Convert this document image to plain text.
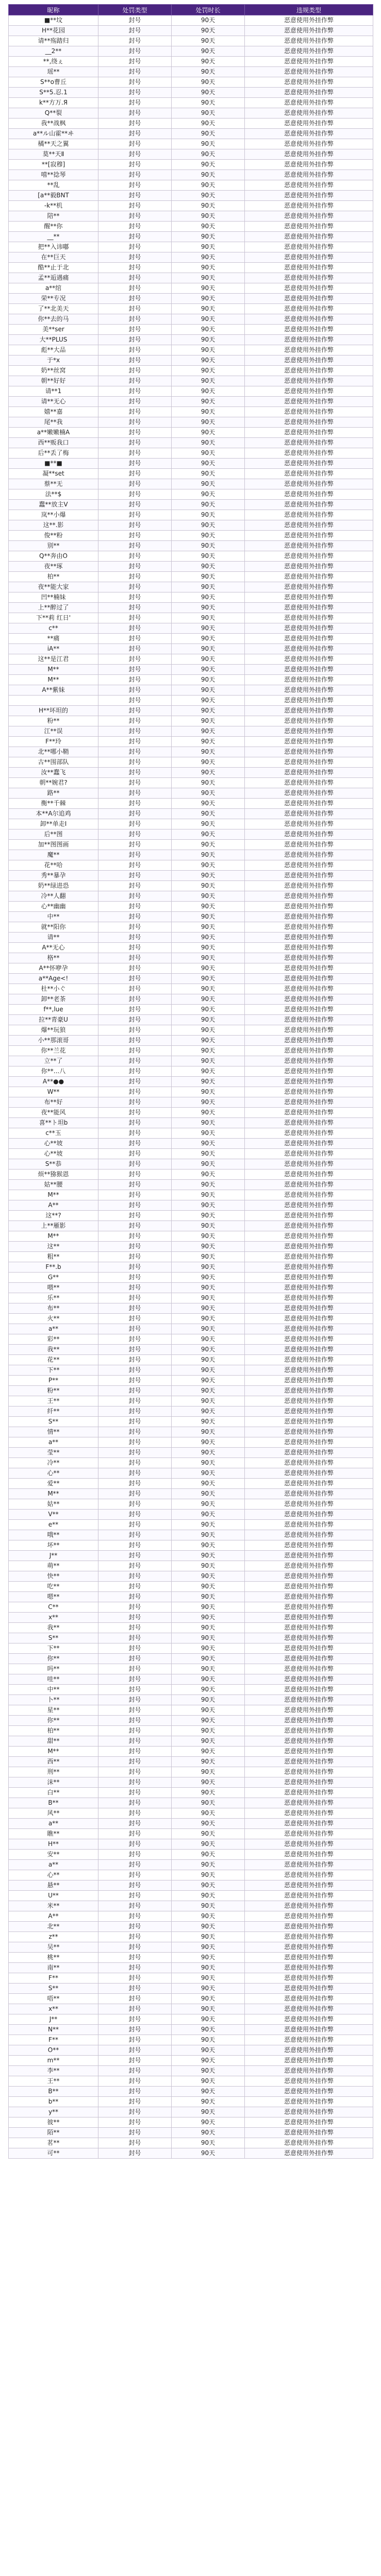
昵称	处罚类型	处罚时长	违规类型
■**坟	封号	90天	恶意使用外挂作弊
H**花园	封号	90天	恶意使用外挂作弊
请**殇踏归	封号	90天	恶意使用外挂作弊
__2**	封号	90天	恶意使用外挂作弊
**,绕ぇ	封号	90天	恶意使用外挂作弊
瑶**	封号	90天	恶意使用外挂作弊
S**o曹丘	封号	90天	恶意使用外挂作弊
S**5.忍.1	封号	90天	恶意使用外挂作弊
k**方万.Я	封号	90天	恶意使用外挂作弊
Q**裂	封号	90天	恶意使用外挂作弊
我**战枫	封号	90天	恶意使用外挂作弊
a**ル山霍**ヰ	封号	90天	恶意使用外挂作弊
橘**天之翼	封号	90天	恶意使用外挂作弊
莫**天Ⅱ	封号	90天	恶意使用外挂作弊
**[寂穆]	封号	90天	恶意使用外挂作弊
嘻**捻琴	封号	90天	恶意使用外挂作弊
**乱	封号	90天	恶意使用外挂作弊
[a**毅BNT	封号	90天	恶意使用外挂作弊
-k**机	封号	90天	恶意使用外挂作弊
陪**	封号	90天	恶意使用外挂作弊
醒**你	封号	90天	恶意使用外挂作弊
__**	封号	90天	恶意使用外挂作弊
把**入讳嘟	封号	90天	恶意使用外挂作弊
在**巨天	封号	90天	恶意使用外挂作弊
酷**止于北	封号	90天	恶意使用外挂作弊
孟**逅遇痛	封号	90天	恶意使用外挂作弊
a**绾	封号	90天	恶意使用外挂作弊
荣**专况	封号	90天	恶意使用外挂作弊
了**北美天	封号	90天	恶意使用外挂作弊
你**去的马	封号	90天	恶意使用外挂作弊
美**ser	封号	90天	恶意使用外挂作弊
大**PLUS	封号	90天	恶意使用外挂作弊
彪**大品	封号	90天	恶意使用外挂作弊
于*x	封号	90天	恶意使用外挂作弊
奶**丝窝	封号	90天	恶意使用外挂作弊
朝**好好	封号	90天	恶意使用外挂作弊
请**1	封号	90天	恶意使用外挂作弊
请**无心	封号	90天	恶意使用外挂作弊
嬉**嘉	封号	90天	恶意使用外挂作弊
尾**我	封号	90天	恶意使用外挂作弊
a**嫩嫩楠A	封号	90天	恶意使用外挂作弊
西**贩我口	封号	90天	恶意使用外挂作弊
后**丢了梅	封号	90天	恶意使用外挂作弊
■**■	封号	90天	恶意使用外挂作弊
凝**set	封号	90天	恶意使用外挂作弊
蔡**无	封号	90天	恶意使用外挂作弊
法**$	封号	90天	恶意使用外挂作弊
蠢**放主V	封号	90天	恶意使用外挂作弊
岚**小爆	封号	90天	恶意使用外挂作弊
这**.影	封号	90天	恶意使用外挂作弊
俊**粉	封号	90天	恶意使用外挂作弊
别**	封号	90天	恶意使用外挂作弊
Q**奔由O	封号	90天	恶意使用外挂作弊
夜**琢	封号	90天	恶意使用外挂作弊
柏**	封号	90天	恶意使用外挂作弊
夜**能大家	封号	90天	恶意使用外挂作弊
凹**楠妹	封号	90天	恶意使用外挂作弊
上**醉过了	封号	90天	恶意使用外挂作弊
下**莉 红日'	封号	90天	恶意使用外挂作弊
c**	封号	90天	恶意使用外挂作弊
**痛	封号	90天	恶意使用外挂作弊
iA**	封号	90天	恶意使用外挂作弊
这**是江君	封号	90天	恶意使用外挂作弊
M**	封号	90天	恶意使用外挂作弊
M**	封号	90天	恶意使用外挂作弊
A**紫妹	封号	90天	恶意使用外挂作弊
	封号	90天	恶意使用外挂作弊
H**坏坦的	封号	90天	恶意使用外挂作弊
粉**	封号	90天	恶意使用外挂作弊
江**误	封号	90天	恶意使用外挂作弊
F**玲	封号	90天	恶意使用外挂作弊
北**哪小鞘	封号	90天	恶意使用外挂作弊
古**围部队	封号	90天	恶意使用外挂作弊
汝**蠢飞	封号	90天	恶意使用外挂作弊
朝**婉君?	封号	90天	恶意使用外挂作弊
路**	封号	90天	恶意使用外挂作弊
衡**千棘	封号	90天	恶意使用外挂作弊
本**A尔追鸡	封号	90天	恶意使用外挂作弊
卸**单走I	封号	90天	恶意使用外挂作弊
后**图	封号	90天	恶意使用外挂作弊
加**图图画	封号	90天	恶意使用外挂作弊
魔**	封号	90天	恶意使用外挂作弊
花**哈	封号	90天	恶意使用外挂作弊
秀**暴孕	封号	90天	恶意使用外挂作弊
奶**绿进恐	封号	90天	恶意使用外挂作弊
冷**人翻	封号	90天	恶意使用外挂作弊
心**幽幽	封号	90天	恶意使用外挂作弊
中**	封号	90天	恶意使用外挂作弊
就**阳你	封号	90天	恶意使用外挂作弊
请**	封号	90天	恶意使用外挂作弊
A**无心	封号	90天	恶意使用外挂作弊
格**	封号	90天	恶意使用外挂作弊
A**怀咿孕	封号	90天	恶意使用外挂作弊
a**Age<!	封号	90天	恶意使用外挂作弊
杜**小ぐ	封号	90天	恶意使用外挂作弊
卸**老茶	封号	90天	恶意使用外挂作弊
f**,lue	封号	90天	恶意使用外挂作弊
拉**青豪U	封号	90天	恶意使用外挂作弊
爆**玩狼	封号	90天	恶意使用外挂作弊
小**那滚哥	封号	90天	恶意使用外挂作弊
你**兰花	封号	90天	恶意使用外挂作弊
立**了	封号	90天	恶意使用外挂作弊
你**...八	封号	90天	恶意使用外挂作弊
A**●●	封号	90天	恶意使用外挂作弊
W**	封号	90天	恶意使用外挂作弊
布**好	封号	90天	恶意使用外挂作弊
夜**能风	封号	90天	恶意使用外挂作弊
喜**ト坦b	封号	90天	恶意使用外挂作弊
c**玉	封号	90天	恶意使用外挂作弊
心**坡	封号	90天	恶意使用外挂作弊
心**坡	封号	90天	恶意使用外挂作弊
S**恭	封号	90天	恶意使用外挂作弊
烦**猕猴恩	封号	90天	恶意使用外挂作弊
姑**腰	封号	90天	恶意使用外挂作弊
M**	封号	90天	恶意使用外挂作弊
A**	封号	90天	恶意使用外挂作弊
这**?	封号	90天	恶意使用外挂作弊
上**雁影	封号	90天	恶意使用外挂作弊
M**	封号	90天	恶意使用外挂作弊
这**	封号	90天	恶意使用外挂作弊
粗**	封号	90天	恶意使用外挂作弊
F**.b	封号	90天	恶意使用外挂作弊
G**	封号	90天	恶意使用外挂作弊
喂**	封号	90天	恶意使用外挂作弊
乐**	封号	90天	恶意使用外挂作弊
布**	封号	90天	恶意使用外挂作弊
火**	封号	90天	恶意使用外挂作弊
a**	封号	90天	恶意使用外挂作弊
彩**	封号	90天	恶意使用外挂作弊
我**	封号	90天	恶意使用外挂作弊
花**	封号	90天	恶意使用外挂作弊
下**	封号	90天	恶意使用外挂作弊
P**	封号	90天	恶意使用外挂作弊
粉**	封号	90天	恶意使用外挂作弊
王**	封号	90天	恶意使用外挂作弊
纤**	封号	90天	恶意使用外挂作弊
S**	封号	90天	恶意使用外挂作弊
情**	封号	90天	恶意使用外挂作弊
a**	封号	90天	恶意使用外挂作弊
莹**	封号	90天	恶意使用外挂作弊
冷**	封号	90天	恶意使用外挂作弊
心**	封号	90天	恶意使用外挂作弊
爱**	封号	90天	恶意使用外挂作弊
M**	封号	90天	恶意使用外挂作弊
姑**	封号	90天	恶意使用外挂作弊
V**	封号	90天	恶意使用外挂作弊
e**	封号	90天	恶意使用外挂作弊
哦**	封号	90天	恶意使用外挂作弊
坏**	封号	90天	恶意使用外挂作弊
J**	封号	90天	恶意使用外挂作弊
萌**	封号	90天	恶意使用外挂作弊
快**	封号	90天	恶意使用外挂作弊
吃**	封号	90天	恶意使用外挂作弊
嗯**	封号	90天	恶意使用外挂作弊
C**	封号	90天	恶意使用外挂作弊
x**	封号	90天	恶意使用外挂作弊
我**	封号	90天	恶意使用外挂作弊
S**	封号	90天	恶意使用外挂作弊
下**	封号	90天	恶意使用外挂作弊
你**	封号	90天	恶意使用外挂作弊
吗**	封号	90天	恶意使用外挂作弊
哇**	封号	90天	恶意使用外挂作弊
中**	封号	90天	恶意使用外挂作弊
卜**	封号	90天	恶意使用外挂作弊
星**	封号	90天	恶意使用外挂作弊
你**	封号	90天	恶意使用外挂作弊
柏**	封号	90天	恶意使用外挂作弊
甜**	封号	90天	恶意使用外挂作弊
M**	封号	90天	恶意使用外挂作弊
西**	封号	90天	恶意使用外挂作弊
刑**	封号	90天	恶意使用外挂作弊
沫**	封号	90天	恶意使用外挂作弊
白**	封号	90天	恶意使用外挂作弊
B**	封号	90天	恶意使用外挂作弊
风**	封号	90天	恶意使用外挂作弊
a**	封号	90天	恶意使用外挂作弊
瞧**	封号	90天	恶意使用外挂作弊
H**	封号	90天	恶意使用外挂作弊
安**	封号	90天	恶意使用外挂作弊
a**	封号	90天	恶意使用外挂作弊
心**	封号	90天	恶意使用外挂作弊
悬**	封号	90天	恶意使用外挂作弊
U**	封号	90天	恶意使用外挂作弊
米**	封号	90天	恶意使用外挂作弊
A**	封号	90天	恶意使用外挂作弊
北**	封号	90天	恶意使用外挂作弊
z**	封号	90天	恶意使用外挂作弊
吴**	封号	90天	恶意使用外挂作弊
桃**	封号	90天	恶意使用外挂作弊
南**	封号	90天	恶意使用外挂作弊
F**	封号	90天	恶意使用外挂作弊
S**	封号	90天	恶意使用外挂作弊
唔**	封号	90天	恶意使用外挂作弊
x**	封号	90天	恶意使用外挂作弊
J**	封号	90天	恶意使用外挂作弊
N**	封号	90天	恶意使用外挂作弊
F**	封号	90天	恶意使用外挂作弊
O**	封号	90天	恶意使用外挂作弊
m**	封号	90天	恶意使用外挂作弊
李**	封号	90天	恶意使用外挂作弊
王**	封号	90天	恶意使用外挂作弊
B**	封号	90天	恶意使用外挂作弊
b**	封号	90天	恶意使用外挂作弊
y**	封号	90天	恶意使用外挂作弊
彼**	封号	90天	恶意使用外挂作弊
陌**	封号	90天	恶意使用外挂作弊
茗**	封号	90天	恶意使用外挂作弊
可**	封号	90天	恶意使用外挂作弊
